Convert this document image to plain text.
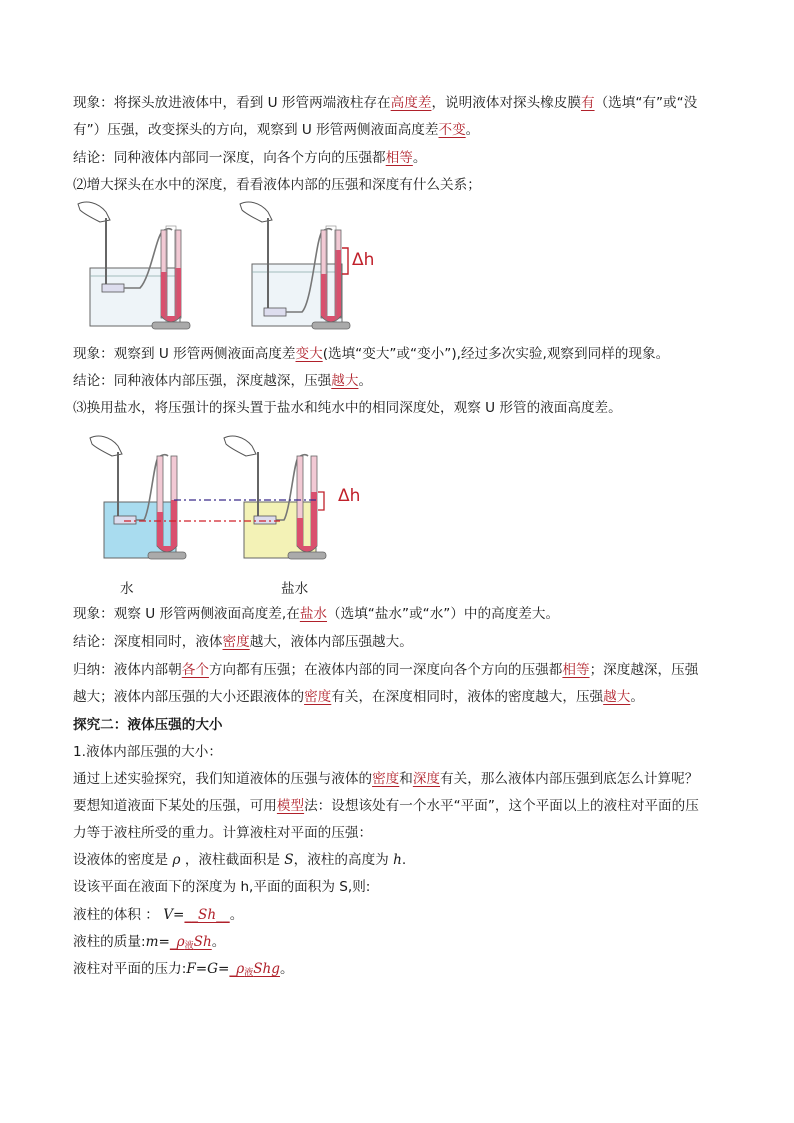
现象：将探头放进液体中，看到 U 形管两端液柱存在高度差，说明液体对探头橡皮膜有（选填“有”或“没
有”）压强，改变探头的方向，观察到 U 形管两侧液面高度差不变。
结论：同种液体内部同一深度，向各个方向的压强都相等。
⑵增大探头在水中的深度，看看液体内部的压强和深度有什么关系；
Δh
现象：观察到 U 形管两侧液面高度差变大(选填“变大”或“变小”),经过多次实验,观察到同样的现象。
结论：同种液体内部压强，深度越深，压强越大。
⑶换用盐水，将压强计的探头置于盐水和纯水中的相同深度处，观察 U 形管的液面高度差。
Δh
水	盐水
现象：观察 U 形管两侧液面高度差,在盐水（选填“盐水”或“水”）中的高度差大。
结论：深度相同时，液体密度越大，液体内部压强越大。
归纳：液体内部朝各个方向都有压强；在液体内部的同一深度向各个方向的压强都相等；深度越深，压强
越大；液体内部压强的大小还跟液体的密度有关，在深度相同时，液体的密度越大，压强越大。
探究二：液体压强的大小
1.液体内部压强的大小：
通过上述实验探究，我们知道液体的压强与液体的密度和深度有关，那么液体内部压强到底怎么计算呢？
要想知道液面下某处的压强，可用模型法：设想该处有一个水平“平面”，这个平面以上的液柱对平面的压
力等于液柱所受的重力。计算液柱对平面的压强：
设液体的密度是 ρ ，液柱截面积是 S，液柱的高度为 h.
设该平面在液面下的深度为 h,平面的面积为 S,则:
液柱的体积 ： V=__Sh__。
液柱的质量$:m=\_\rho_液Sh$。
液柱对平面的压力$:F=G=\_\rho_液Shg$。
